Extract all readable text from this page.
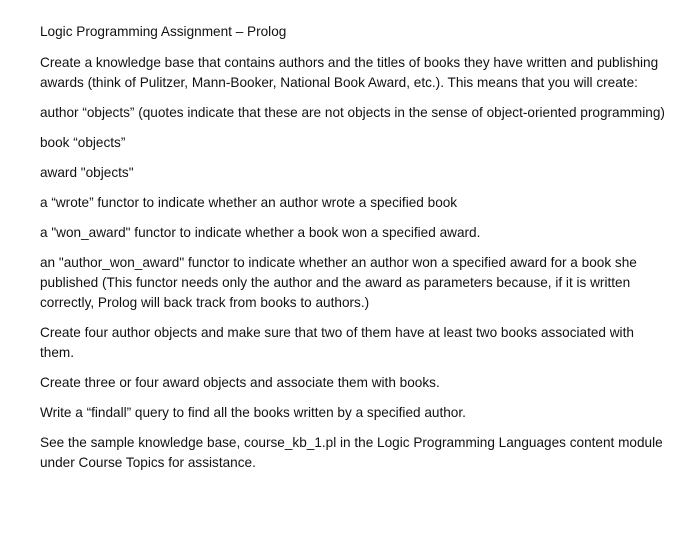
Logic Programming Assignment – Prolog

Create a knowledge base that contains authors and the titles of books they have written and publishing awards (think of Pulitzer, Mann-Booker, National Book Award, etc.). This means that you will create:

author “objects” (quotes indicate that these are not objects in the sense of object-oriented programming)

book “objects”

award "objects"

a “wrote” functor to indicate whether an author wrote a specified book

a "won_award" functor to indicate whether a book won a specified award.

an "author_won_award" functor to indicate whether an author won a specified award for a book she published (This functor needs only the author and the award as parameters because, if it is written correctly, Prolog will back track from books to authors.)

Create four author objects and make sure that two of them have at least two books associated with them.

Create three or four award objects and associate them with books.

Write a “findall” query to find all the books written by a specified author.

See the sample knowledge base, course_kb_1.pl in the Logic Programming Languages content module under Course Topics for assistance.
